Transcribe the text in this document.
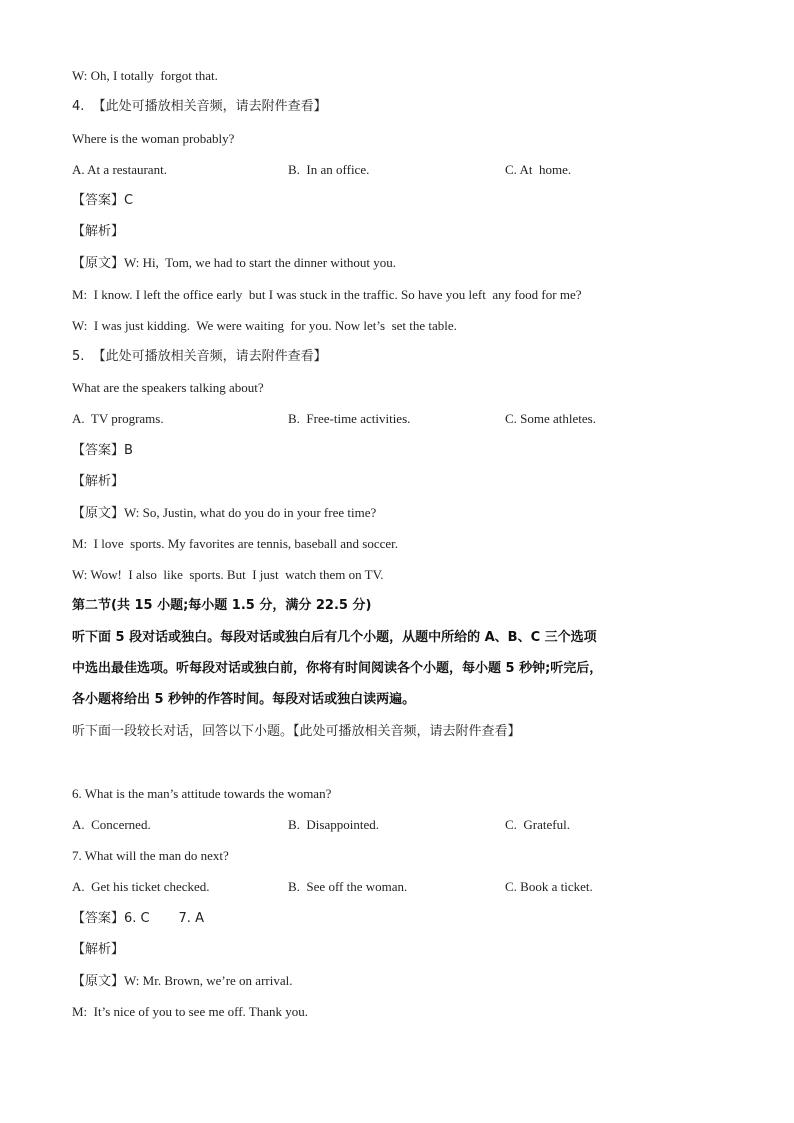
W: Oh, I totally  forgot that.
4.  【此处可播放相关音频，请去附件查看】
Where is the woman probably?
A. At a restaurant.	B.  In an office.	C. At  home.
【答案】C
【解析】
【原文】W: Hi,  Tom, we had to start the dinner without you.
M:  I know. I left the office early  but I was stuck in the traffic. So have you left  any food for me?
W:  I was just kidding.  We were waiting  for you. Now let’s  set the table.
5.  【此处可播放相关音频，请去附件查看】
What are the speakers talking about?
A.  TV programs.	B.  Free-time activities.	C. Some athletes.
【答案】B
【解析】
【原文】W: So, Justin, what do you do in your free time?
M:  I love  sports. My favorites are tennis, baseball and soccer.
W: Wow!  I also  like  sports. But  I just  watch them on TV.
第二节(共 15 小题;每小题 1.5 分，满分 22.5 分)
听下面 5 段对话或独白。每段对话或独白后有几个小题，从题中所给的 A、B、C 三个选项
中选出最佳选项。听每段对话或独白前，你将有时间阅读各个小题，每小题 5 秒钟;听完后，
各小题将给出 5 秒钟的作答时间。每段对话或独白读两遍。
听下面一段较长对话，回答以下小题。【此处可播放相关音频，请去附件查看】
6. What is the man’s attitude towards the woman?
A.  Concerned.	B.  Disappointed.	C.  Grateful.
7. What will the man do next?
A.  Get his ticket checked.	B.  See off the woman.	C. Book a ticket.
【答案】6. C       7. A
【解析】
【原文】W: Mr. Brown, we’re on arrival.
M:  It’s nice of you to see me off. Thank you.
